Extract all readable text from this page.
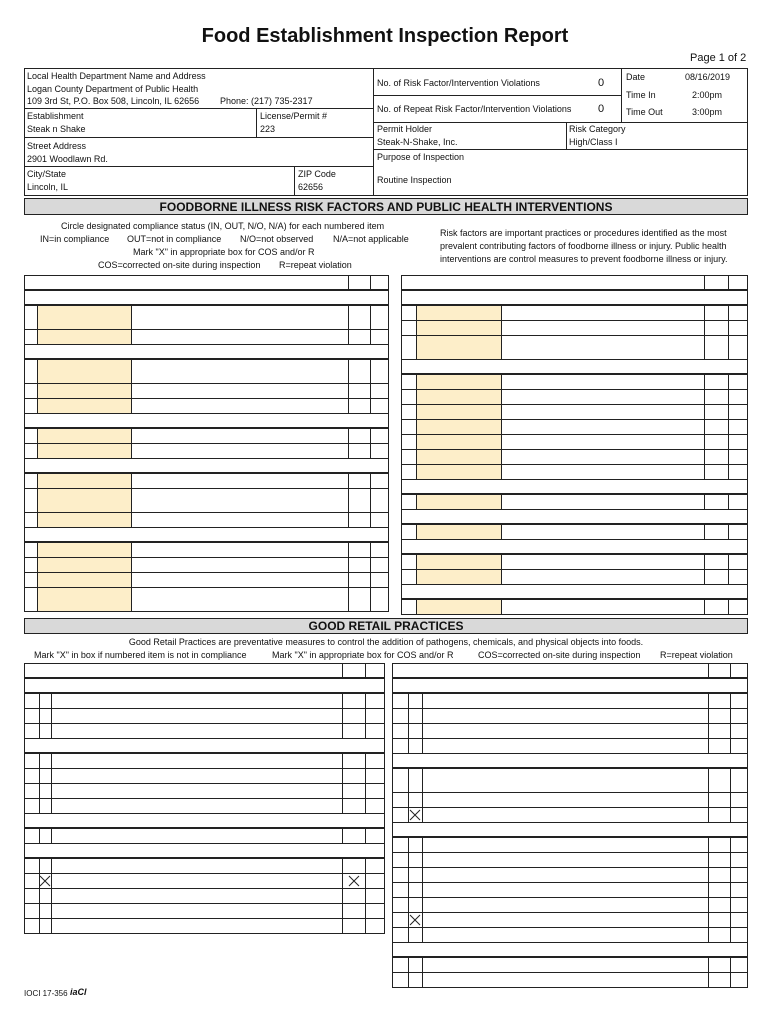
Food Establishment Inspection Report
Page 1 of 2
Local Health Department Name and Address
Logan County Department of Public Health
109 3rd St, P.O. Box 508, Lincoln, IL 62656 Phone: (217) 735-2317
No. of Risk Factor/Intervention Violations	0
No. of Repeat Risk Factor/Intervention Violations 0
Date	08/16/2019
Time In	2:00pm
Time Out	3:00pm
Establishment
Steak n Shake
License/Permit #
223	Permit Holder
Steak-N-Shake, Inc.
Risk Category
High/Class I
Street Address
2901 Woodlawn Rd.	Purpose of Inspection
Routine Inspection
City/State
Lincoln, IL
ZIP Code
62656
FOODBORNE ILLNESS RISK FACTORS AND PUBLIC HEALTH INTERVENTIONS
Circle designated compliance status (IN, OUT, N/O, N/A) for each numbered item
IN=in compliance OUT=not in compliance N/O=not observed N/A=not applicable
Mark "X" in appropriate box for COS and/or R
COS=corrected on-site during inspection R=repeat violation
Risk factors are important practices or procedures identified as the most
prevalent contributing factors of foodborne illness or injury. Public health
interventions are control measures to prevent foodborne illness or injury.
GOOD RETAIL PRACTICES
Good Retail Practices are preventative measures to control the addition of pathogens, chemicals, and physical objects into foods.
Mark "X" in box if numbered item is not in compliance	Mark "X" in appropriate box for COS and/or R	COS=corrected on-site during inspection R=repeat violation
IOCI 17-356 iaCl
